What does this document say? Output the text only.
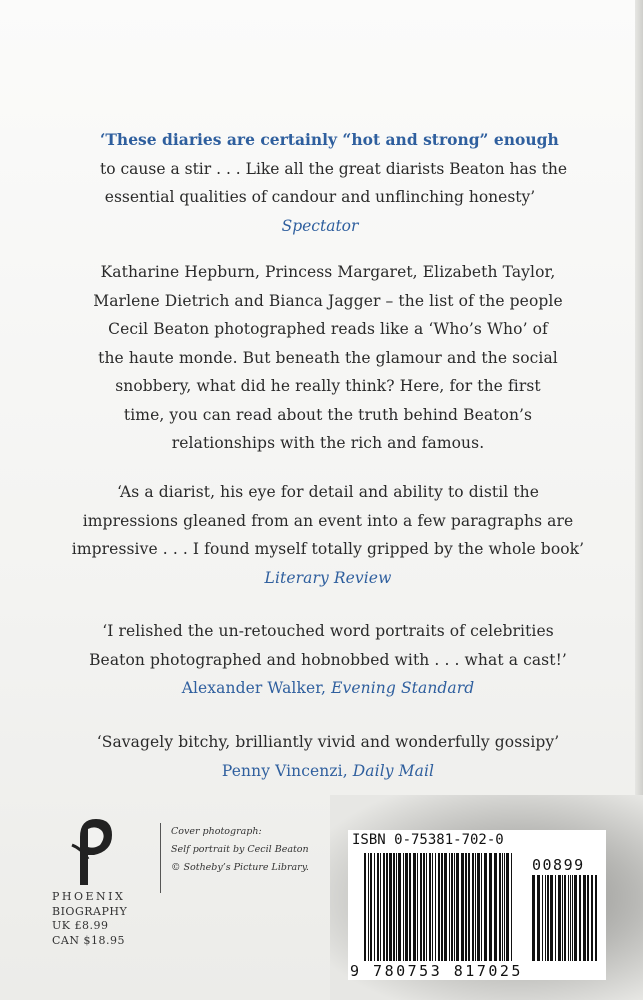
‘These diaries are certainly “hot and strong” enough
to cause a stir . . . Like all the great diarists Beaton has the
essential qualities of candour and unflinching honesty’
Spectator
Katharine Hepburn, Princess Margaret, Elizabeth Taylor,
Marlene Dietrich and Bianca Jagger – the list of the people
Cecil Beaton photographed reads like a ‘Who’s Who’ of
the haute monde. But beneath the glamour and the social
snobbery, what did he really think? Here, for the first
time, you can read about the truth behind Beaton’s
relationships with the rich and famous.
‘As a diarist, his eye for detail and ability to distil the
impressions gleaned from an event into a few paragraphs are
impressive . . . I found myself totally gripped by the whole book’
Literary Review
‘I relished the un-retouched word portraits of celebrities
Beaton photographed and hobnobbed with . . . what a cast!’
Alexander Walker, Evening Standard
‘Savagely bitchy, brilliantly vivid and wonderfully gossipy’
Penny Vincenzi, Daily Mail
PHOENIX
BIOGRAPHY
UK £8.99
CAN $18.95
Cover photograph:
Self portrait by Cecil Beaton
© Sotheby’s Picture Library.
ISBN 0-75381-702-0
00899
9 780753 817025
